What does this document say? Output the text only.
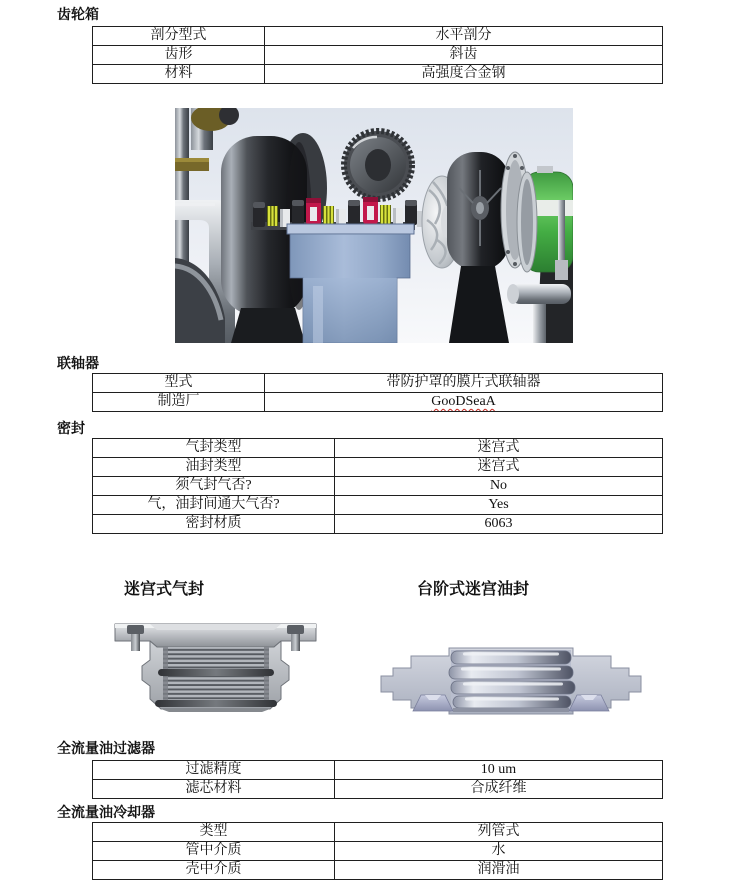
齿轮箱
剖分型式	水平剖分
齿形	斜齿
材料	高强度合金钢
联轴器
型式	带防护罩的膜片式联轴器
制造厂	GooDSeaA
密封
气封类型	迷宫式
油封类型	迷宫式
须气封气否?	No
气，油封间通大气否?	Yes
密封材质	6063
迷宫式气封	台阶式迷宫油封
全流量油过滤器
过滤精度	10 um
滤芯材料	合成纤维
全流量油冷却器
类型	列管式
管中介质	水
壳中介质	润滑油
